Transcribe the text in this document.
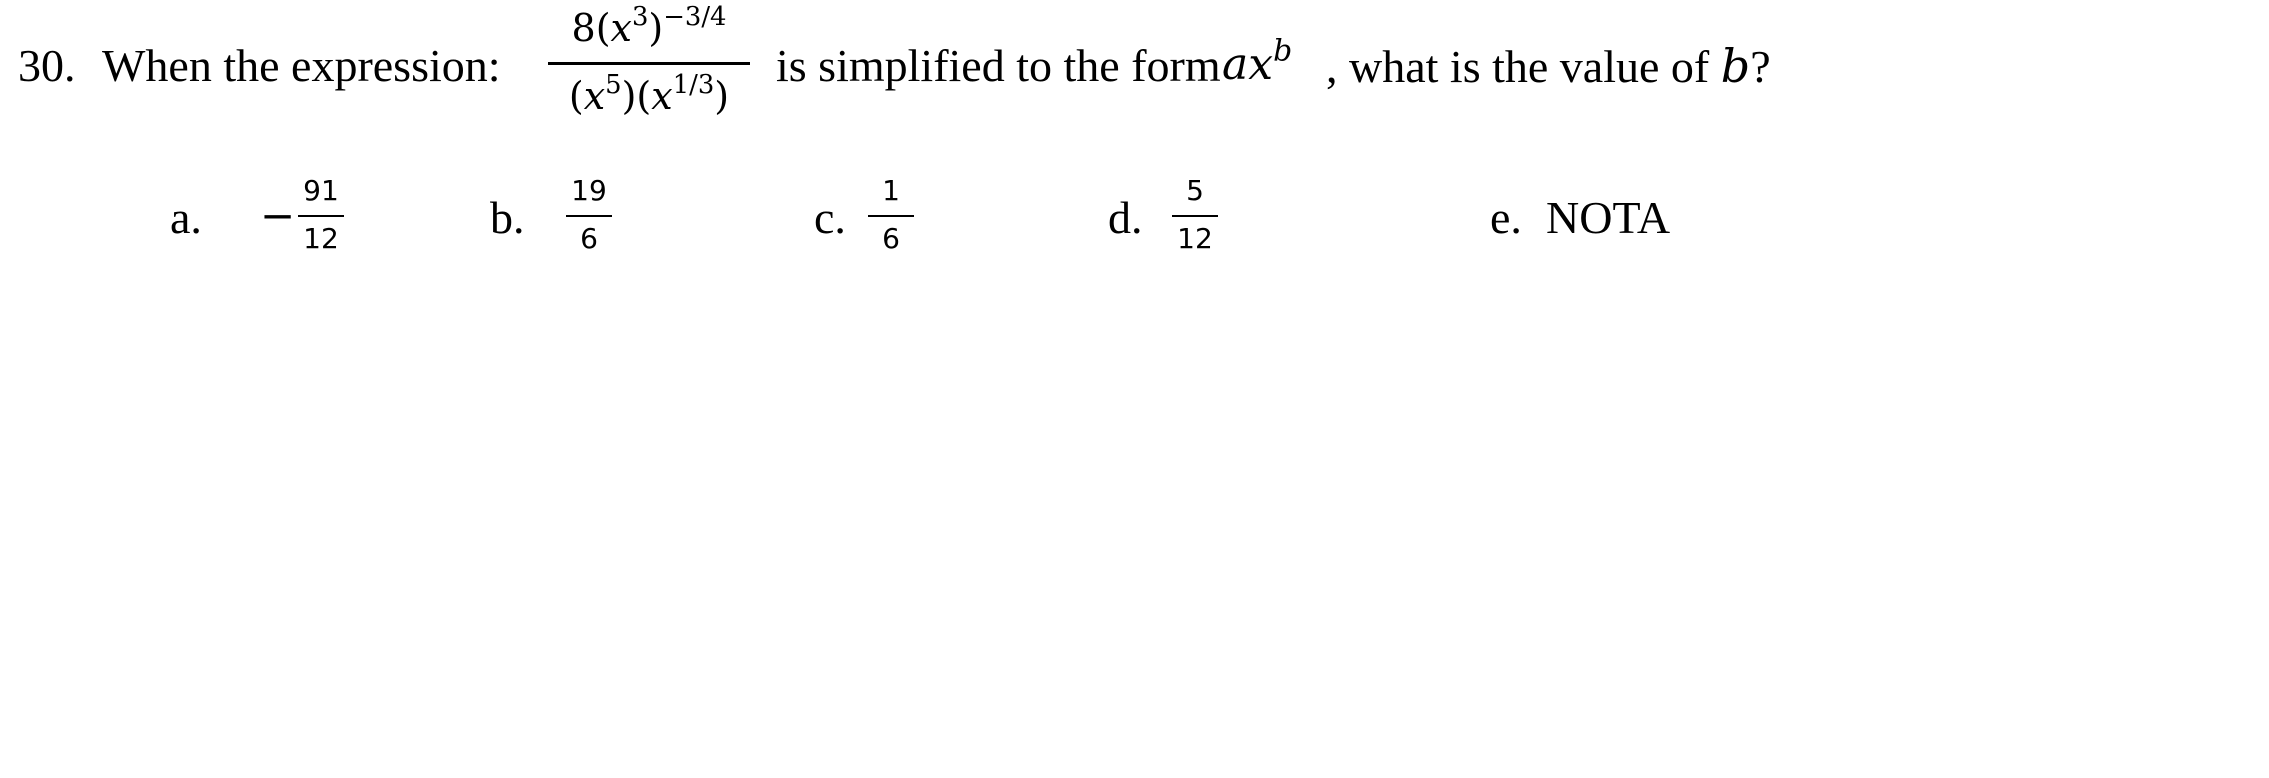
30. When the expression:
$8(x^3)^{-3/4}$
$(x^5)(x^{1/3})$
is simplified to the form $ax^b$ , what is the value of b?
a. −
91
12	b.
19
6	c.
1
6	d.
5
12	e. NOTA
